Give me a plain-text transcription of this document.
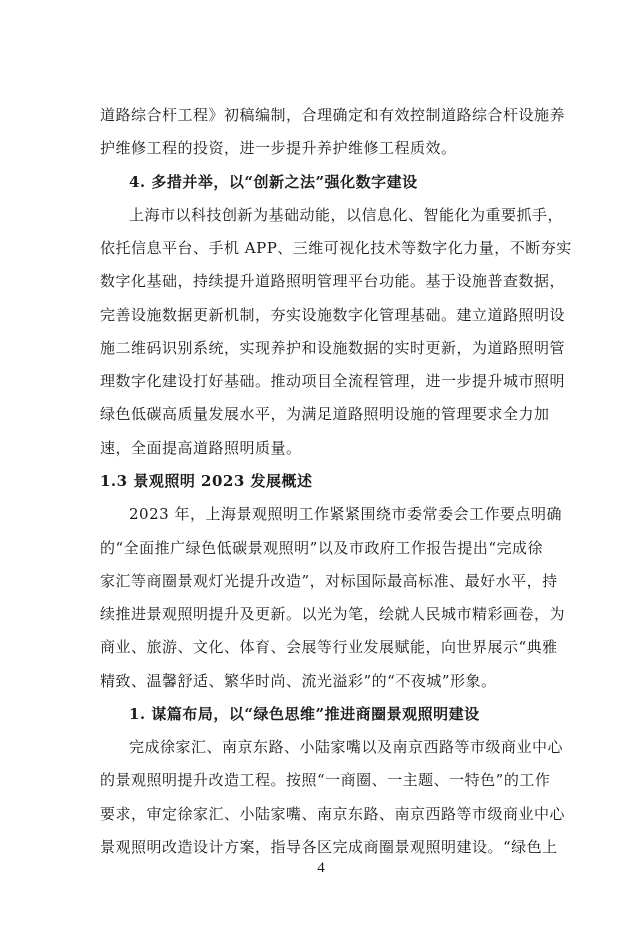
道路综合杆工程》初稿编制，合理确定和有效控制道路综合杆设施养
护维修工程的投资，进一步提升养护维修工程质效。
4. 多措并举，以“创新之法”强化数字建设
上海市以科技创新为基础动能，以信息化、智能化为重要抓手，
依托信息平台、手机 APP、三维可视化技术等数字化力量，不断夯实
数字化基础，持续提升道路照明管理平台功能。基于设施普查数据，
完善设施数据更新机制，夯实设施数字化管理基础。建立道路照明设
施二维码识别系统，实现养护和设施数据的实时更新，为道路照明管
理数字化建设打好基础。推动项目全流程管理，进一步提升城市照明
绿色低碳高质量发展水平，为满足道路照明设施的管理要求全力加
速，全面提高道路照明质量。
1.3 景观照明 2023 发展概述
2023 年，上海景观照明工作紧紧围绕市委常委会工作要点明确
的“全面推广绿色低碳景观照明”以及市政府工作报告提出“完成徐
家汇等商圈景观灯光提升改造”，对标国际最高标准、最好水平，持
续推进景观照明提升及更新。以光为笔，绘就人民城市精彩画卷，为
商业、旅游、文化、体育、会展等行业发展赋能，向世界展示“典雅
精致、温馨舒适、繁华时尚、流光溢彩”的“不夜城”形象。
1. 谋篇布局，以“绿色思维”推进商圈景观照明建设
完成徐家汇、南京东路、小陆家嘴以及南京西路等市级商业中心
的景观照明提升改造工程。按照“一商圈、一主题、一特色”的工作
要求，审定徐家汇、小陆家嘴、南京东路、南京西路等市级商业中心
景观照明改造设计方案，指导各区完成商圈景观照明建设。“绿色上
4
